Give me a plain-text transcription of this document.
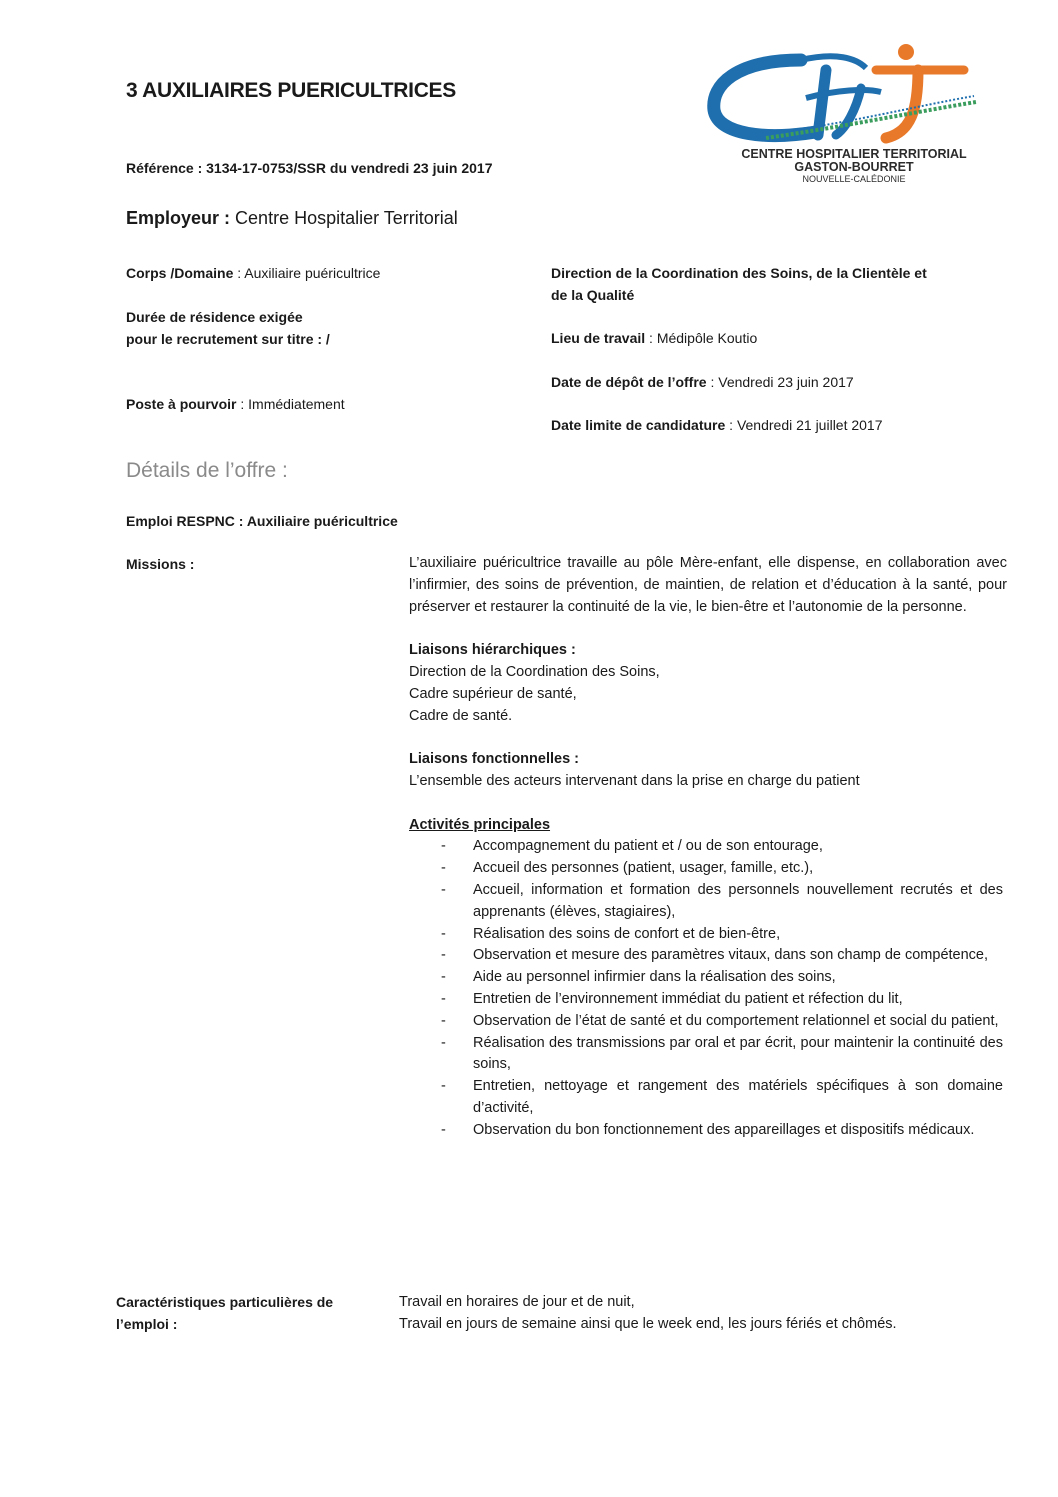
CENTRE HOSPITALIER TERRITORIAL
GASTON-BOURRET
NOUVELLE-CALÉDONIE
3 AUXILIAIRES PUERICULTRICES
Référence : 3134-17-0753/SSR du vendredi 23 juin 2017
Employeur : Centre Hospitalier Territorial
Corps /Domaine : Auxiliaire puéricultrice
Durée de résidence exigée
pour le recrutement sur titre : /
Poste à pourvoir : Immédiatement
Direction de la Coordination des Soins, de la Clientèle et
de la Qualité
Lieu de travail : Médipôle Koutio
Date de dépôt de l’offre : Vendredi 23 juin 2017
Date limite de candidature : Vendredi 21 juillet 2017
Détails de l’offre :
Emploi RESPNC : Auxiliaire puéricultrice
Missions :	L’auxiliaire puéricultrice travaille au pôle Mère-enfant, elle dispense, en collaboration avec l’infirmier, des soins de prévention, de maintien, de relation et d’éducation à la santé, pour préserver et restaurer la continuité de la vie, le bien-être et l’autonomie de la personne.

Liaisons hiérarchiques :

Direction de la Coordination des Soins,

Cadre supérieur de santé,

Cadre de santé.

Liaisons fonctionnelles :

L’ensemble des acteurs intervenant dans la prise en charge du patient

Activités principales

- Accompagnement du patient et / ou de son entourage,
- Accueil des personnes (patient, usager, famille, etc.),
- Accueil, information et formation des personnels nouvellement recrutés et des apprenants (élèves, stagiaires),
- Réalisation des soins de confort et de bien-être,
- Observation et mesure des paramètres vitaux, dans son champ de compétence,
- Aide au personnel infirmier dans la réalisation des soins,
- Entretien de l’environnement immédiat du patient et réfection du lit,
- Observation de l’état de santé et du comportement relationnel et social du patient,
- Réalisation des transmissions par oral et par écrit, pour maintenir la continuité des soins,
- Entretien, nettoyage et rangement des matériels spécifiques à son domaine d’activité,
- Observation du bon fonctionnement des appareillages et dispositifs médicaux.
Caractéristiques particulières de
l’emploi :
Travail en horaires de jour et de nuit,
Travail en jours de semaine ainsi que le week end, les jours fériés et chômés.
